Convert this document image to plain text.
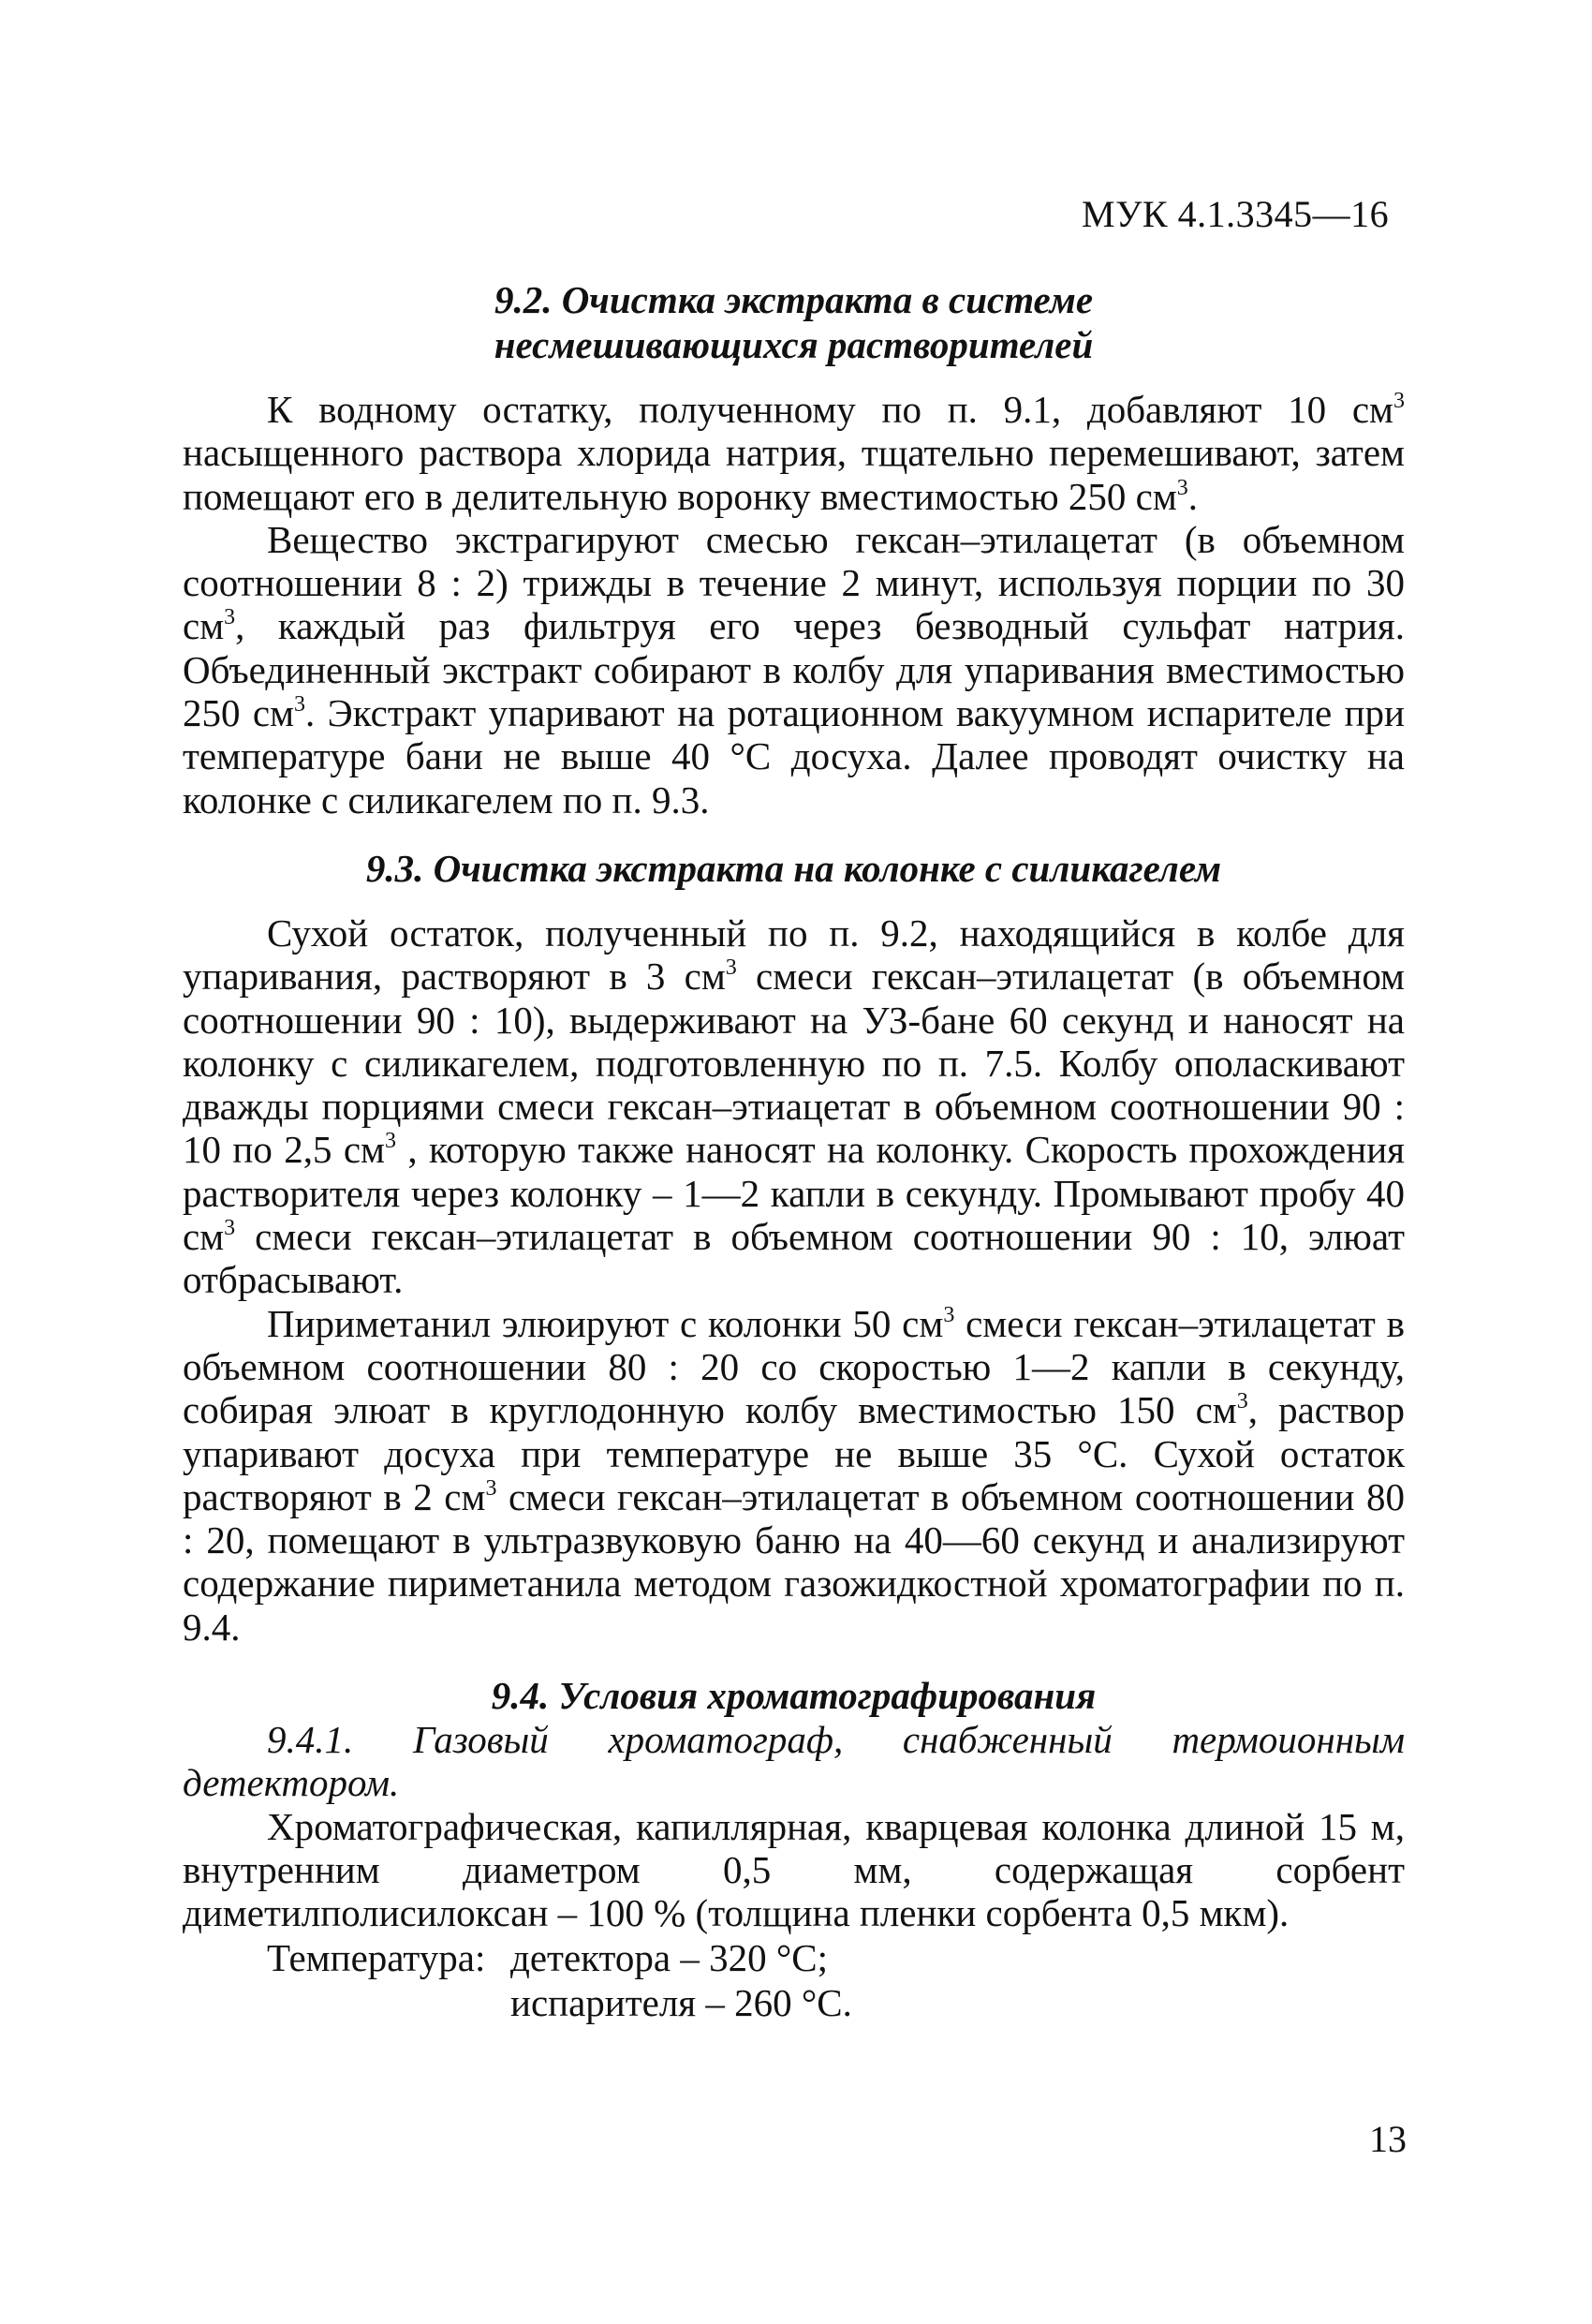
МУК 4.1.3345—16
9.2. Очистка экстракта в системе
несмешивающихся растворителей

К водному остатку, полученному по п. 9.1, добавляют 10 $см^3$ насыщенного раствора хлорида натрия, тщательно перемешивают, затем помещают его в делительную воронку вместимостью 250 $см^3$.

Вещество экстрагируют смесью гексан–этилацетат (в объемном соотношении 8 : 2) трижды в течение 2 минут, используя порции по 30 $см^3$, каждый раз фильтруя его через безводный сульфат натрия. Объединенный экстракт собирают в колбу для упаривания вместимостью 250 $см^3$. Экстракт упаривают на ротационном вакуумном испарителе при температуре бани не выше 40 °С досуха. Далее проводят очистку на колонке с силикагелем по п. 9.3.

9.3. Очистка экстракта на колонке с силикагелем

Сухой остаток, полученный по п. 9.2, находящийся в колбе для упаривания, растворяют в 3 $см^3$ смеси гексан–этилацетат (в объемном соотношении 90 : 10), выдерживают на УЗ-бане 60 секунд и наносят на колонку с силикагелем, подготовленную по п. 7.5. Колбу ополаскивают дважды порциями смеси гексан–этиацетат в объемном соотношении 90 : 10 по 2,5 $см^3$ , которую также наносят на колонку. Скорость прохождения растворителя через колонку – 1—2 капли в секунду. Промывают пробу 40 $см^3$ смеси гексан–этилацетат в объемном соотношении 90 : 10, элюат отбрасывают.

Пириметанил элюируют с колонки 50 $см^3$ смеси гексан–этилацетат в объемном соотношении 80 : 20 со скоростью 1—2 капли в секунду, собирая элюат в круглодонную колбу вместимостью 150 $см^3$, раствор упаривают досуха при температуре не выше 35 °С. Сухой остаток растворяют в 2 $см^3$ смеси гексан–этилацетат в объемном соотношении 80 : 20, помещают в ультразвуковую баню на 40—60 секунд и анализируют содержание пириметанила методом газожидкостной хроматографии по п. 9.4.

9.4. Условия хроматографирования

9.4.1. Газовый хроматограф, снабженный термоионным детектором.

Хроматографическая, капиллярная, кварцевая колонка длиной 15 м, внутренним диаметром 0,5 мм, содержащая сорбент диметилполисилоксан – 100 % (толщина пленки сорбента 0,5 мкм).

Температура: детектора – 320 °С;
испарителя – 260 °С.
13
